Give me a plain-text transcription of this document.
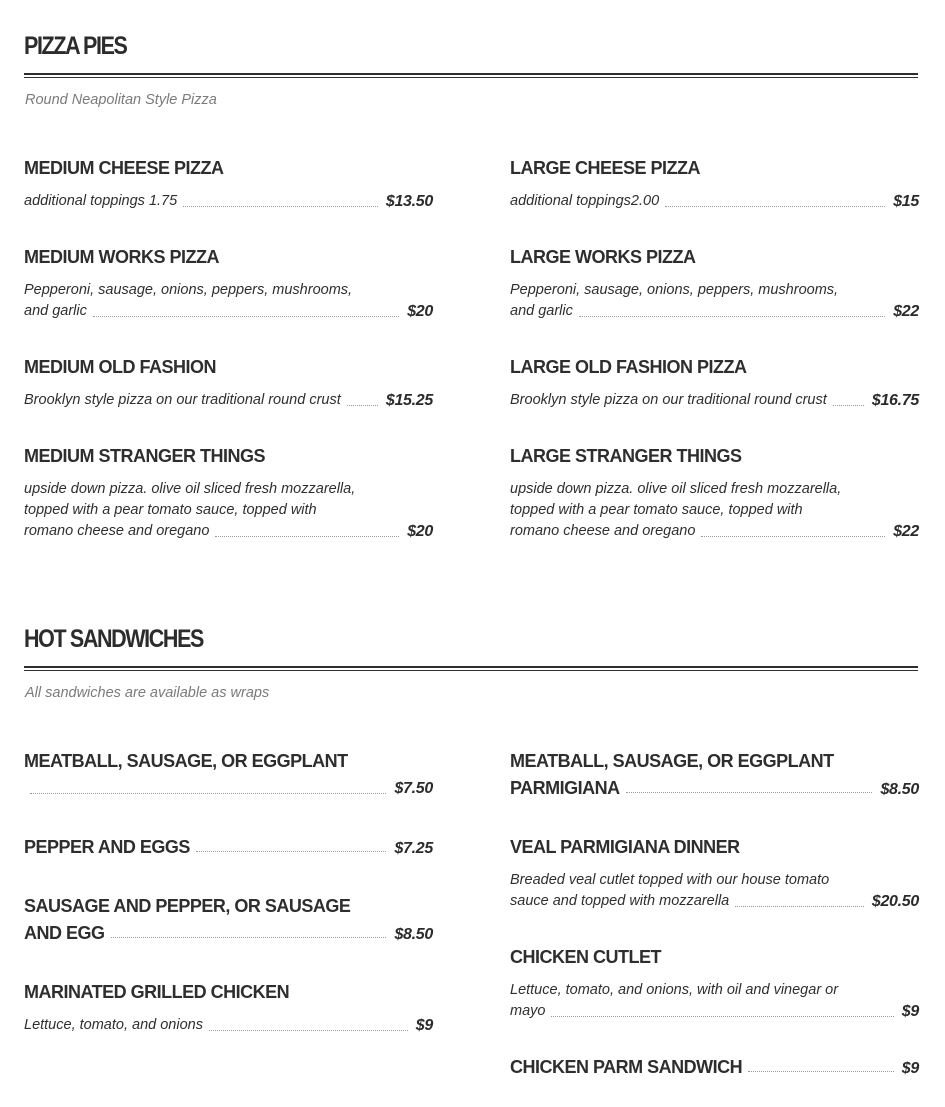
PIZZA PIES

Round Neapolitan Style Pizza

MEDIUM CHEESE PIZZA
additional toppings 1.75	$13.50
LARGE CHEESE PIZZA
additional toppings2.00	$15
MEDIUM WORKS PIZZA
Pepperoni, sausage, onions, peppers, mushrooms,
and garlic	$20
LARGE WORKS PIZZA
Pepperoni, sausage, onions, peppers, mushrooms,
and garlic	$22
MEDIUM OLD FASHION
Brooklyn style pizza on our traditional round crust	$15.25
LARGE OLD FASHION PIZZA
Brooklyn style pizza on our traditional round crust	$16.75
MEDIUM STRANGER THINGS
upside down pizza. olive oil sliced fresh mozzarella,
topped with a pear tomato sauce, topped with
romano cheese and oregano	$20
LARGE STRANGER THINGS
upside down pizza. olive oil sliced fresh mozzarella,
topped with a pear tomato sauce, topped with
romano cheese and oregano	$22
HOT SANDWICHES

All sandwiches are available as wraps

MEATBALL, SAUSAGE, OR EGGPLANT
$7.50
MEATBALL, SAUSAGE, OR EGGPLANT
PARMIGIANA	$8.50
PEPPER AND EGGS	$7.25	VEAL PARMIGIANA DINNER
Breaded veal cutlet topped with our house tomato
sauce and topped with mozzarella	$20.50
SAUSAGE AND PEPPER, OR SAUSAGE
AND EGG	$8.50
CHICKEN CUTLET
Lettuce, tomato, and onions, with oil and vinegar or
mayo	$9
MARINATED GRILLED CHICKEN
Lettuce, tomato, and onions	$9
CHICKEN PARM SANDWICH	$9
